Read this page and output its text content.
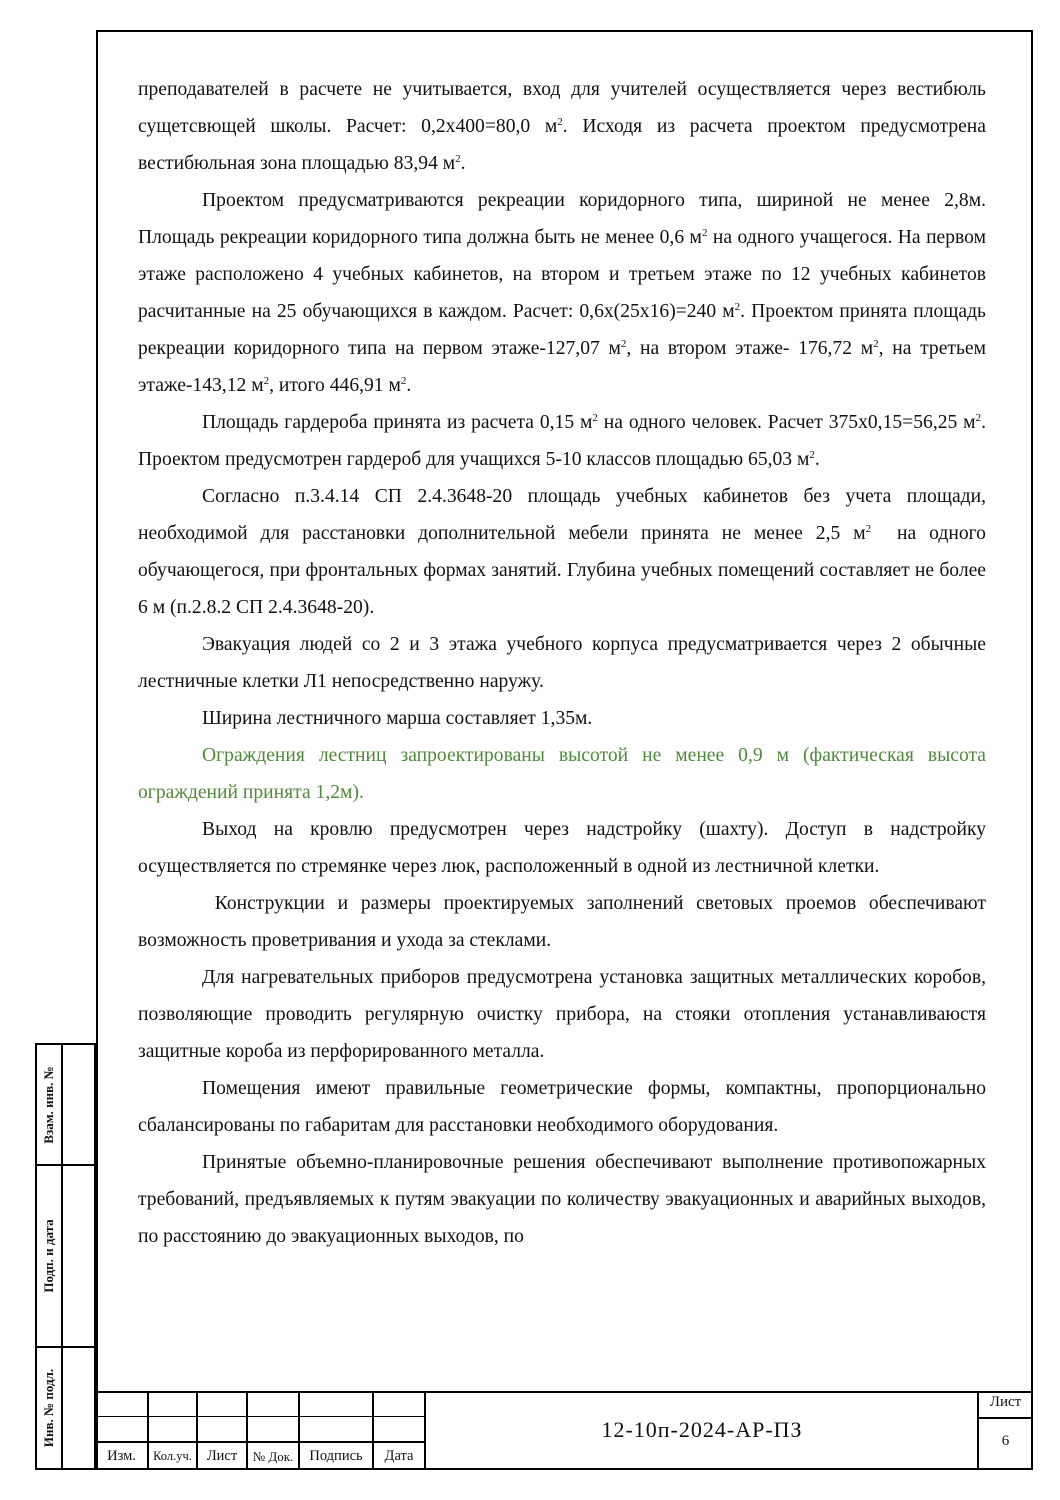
преподавателей в расчете не учитывается, вход для учителей осуществляется через вестибюль сущетсвющей школы. Расчет: 0,2х400=80,0 $м^2$. Исходя из расчета проектом предусмотрена вестибюльная зона площадью 83,94 $м^2$.

Проектом предусматриваются рекреации коридорного типа, шириной не менее 2,8м. Площадь рекреации коридорного типа должна быть не менее 0,6 $м^2$ на одного учащегося. На первом этаже расположено 4 учебных кабинетов, на втором и третьем этаже по 12 учебных кабинетов расчитанные на 25 обучающихся в каждом. Расчет: 0,6х(25х16)=240 $м^2$. Проектом принята площадь рекреации коридорного типа на первом этаже-127,07 $м^2$, на втором этаже- 176,72 $м^2$, на третьем этаже-143,12 $м^2$, итого 446,91 $м^2$.

Площадь гардероба принята из расчета 0,15 $м^2$ на одного человек. Расчет 375х0,15=56,25 $м^2$. Проектом предусмотрен гардероб для учащихся 5-10 классов площадью 65,03 $м^2$.

Согласно п.3.4.14 СП 2.4.3648-20 площадь учебных кабинетов без учета площади, необходимой для расстановки дополнительной мебели принята не менее 2,5 $м^2$  на одного обучающегося, при фронтальных формах занятий. Глубина учебных помещений составляет не более 6 м (п.2.8.2 СП 2.4.3648-20).

Эвакуация людей со 2 и 3 этажа учебного корпуса предусматривается через 2 обычные лестничные клетки Л1 непосредственно наружу.

Ширина лестничного марша составляет 1,35м.

Ограждения лестниц запроектированы высотой не менее 0,9 м (фактическая высота ограждений принята 1,2м).

Выход на кровлю предусмотрен через надстройку (шахту). Доступ в надстройку осуществляется по стремянке через люк, расположенный в одной из лестничной клетки.

Конструкции и размеры проектируемых заполнений световых проемов обеспечивают возможность проветривания и ухода за стеклами.

Для нагревательных приборов предусмотрена установка защитных металлических коробов, позволяющие проводить регулярную очистку прибора, на стояки отопления устанавливаюстя защитные короба из перфорированного металла.

Помещения имеют правильные геометрические формы, компактны, пропорционально сбалансированы по габаритам для расстановки необходимого оборудования.

Принятые объемно-планировочные решения обеспечивают выполнение противопожарных требований, предъявляемых к путям эвакуации по количеству эвакуационных и аварийных выходов, по расстоянию до эвакуационных выходов, по

Взам. инв. №
Подп. и дата
Инв. № подл.
Изм.	Кол.уч.	Лист	№ Док.	Подпись	Дата
12-10п-2024-АР-ПЗ
Лист
6
